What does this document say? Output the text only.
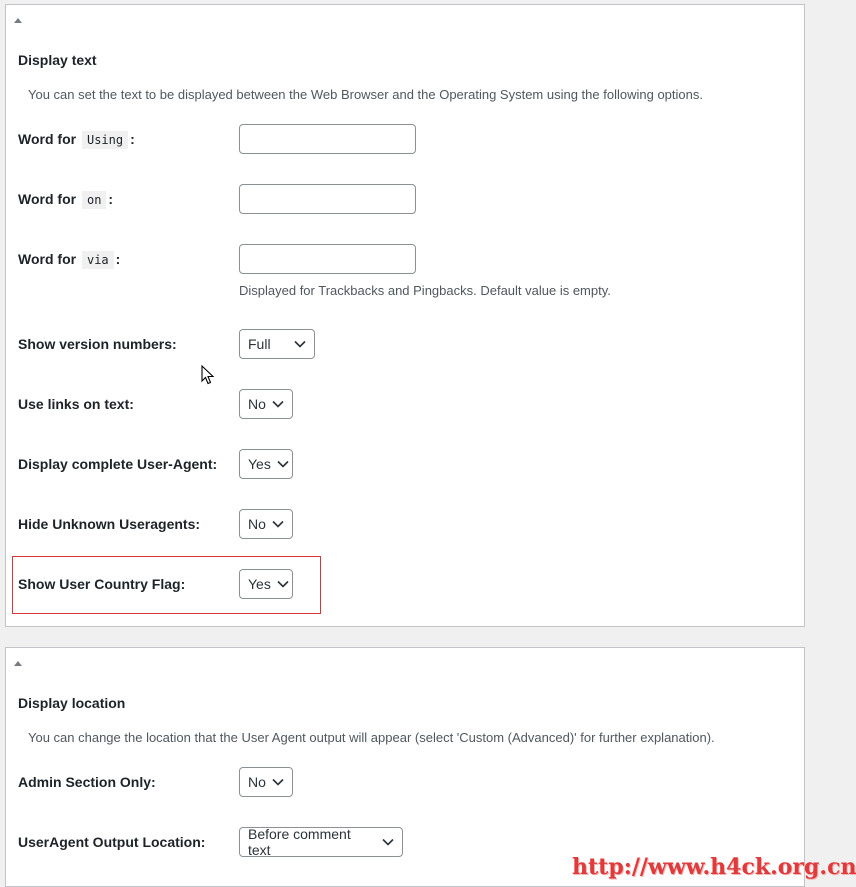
Display text
You can set the text to be displayed between the Web Browser and the Operating System using the following options.
Word for Using :
Word for on :
Word for via :
Displayed for Trackbacks and Pingbacks. Default value is empty.
Show version numbers:	Full
Use links on text:	No
Display complete User-Agent: Yes
Hide Unknown Useragents:	No
Show User Country Flag:	Yes
Display location
You can change the location that the User Agent output will appear (select 'Custom (Advanced)' for further explanation).
Admin Section Only:	No
UserAgent Output Location:	Before comment text
http://www.h4ck.org.cn
